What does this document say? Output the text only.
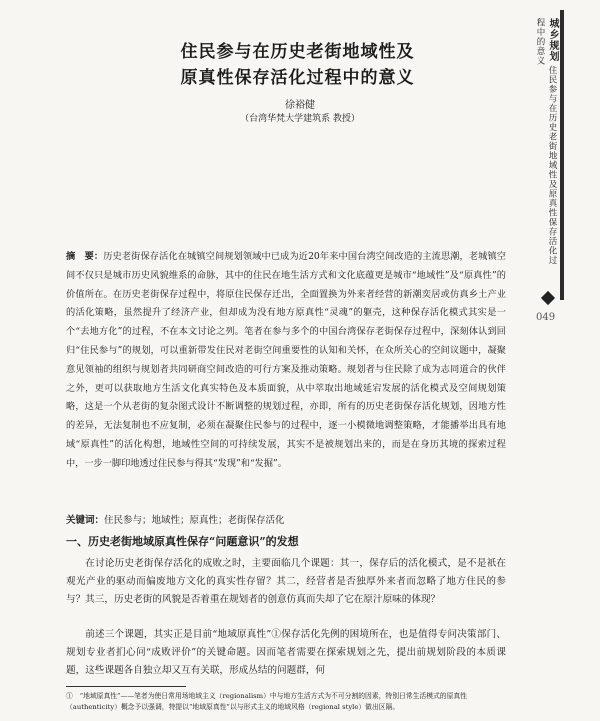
住民参与在历史老街地域性及
原真性保存活化过程中的意义
徐裕健
（台湾华梵大学建筑系 教授）
摘　要：历史老街保存活化在城镇空间规划领域中已成为近20年来中国台湾空间改造的主流思潮，老城镇空间不仅只是城市历史风貌维系的命脉，其中的住民在地生活方式和文化底蕴更是城市“地域性”及“原真性”的价值所在。在历史老街保存过程中，将原住民保存迁出，全面置换为外来者经营的新潮奕居或仿真乡土产业的活化策略，虽然提升了经济产业，但却成为没有地方原真性“灵魂”的躯壳，这种保存活化模式其实是一个“去地方化”的过程，不在本文讨论之列。笔者在参与多个的中国台湾保存老街保存过程中，深刻体认到回归“住民参与”的规划，可以重新带发住民对老街空间重要性的认知和关怀，在众所关心的空间议题中，凝聚意见领袖的组织与规划者共同研商空间改造的可行方案及推动策略。规划者与住民除了成为志同道合的伙伴之外，更可以获取地方生活文化真实特色及本质面貌，从中萃取出地域延宕发展的活化模式及空间规划策略，这是一个从老街的复杂图式设计不断调整的规划过程，亦即，所有的历史老街保存活化规划，因地方性的差异，无法复制也不应复制，必须在凝聚住民参与的过程中，逐一小模微地调整策略，才能播举出具有地域“原真性”的活化构想，地域性空间的可持续发展，其实不是被规划出来的，而是在身历其境的探索过程中，一步一脚印地透过住民参与得其“发现”和“发掘”。
关键词：住民参与；地域性；原真性；老街保存活化
一、历史老街地域原真性保存“问题意识”的发想
在讨论历史老街保存活化的成败之时，主要面临几个课题：其一，保存后的活化模式，是不是祇在观光产业的驱动而偏废地方文化的真实性存留？其二，经营者是否独厚外来者而忽略了地方住民的参与？其三，历史老街的风貌是否着重在规划者的创意仿真而失却了它在原汁原味的体现？
前述三个课题，其实正是目前“地域原真性”①保存活化先例的困境所在，也是值得专问决策部门、规划专业者扪心问“成败评价”的关键命题。因而笔者需要在探索规划之先，提出前规划阶段的本质课题，这些课题各自独立却又互有关联，形成丛结的问题群，何
①　“地域原真性”——笔者为使日常用场地域主义（regionalism）中与地方生活方式为不可分割的因素，特别日常生活模式的原真性（authenticity）概念予以强调，特提以“地域原真性”以与形式主义的地域风格（regional style）做出区隔。
城乡规划 住民参与在历史老街地域性及原真性保存活化过程中的意义
049
